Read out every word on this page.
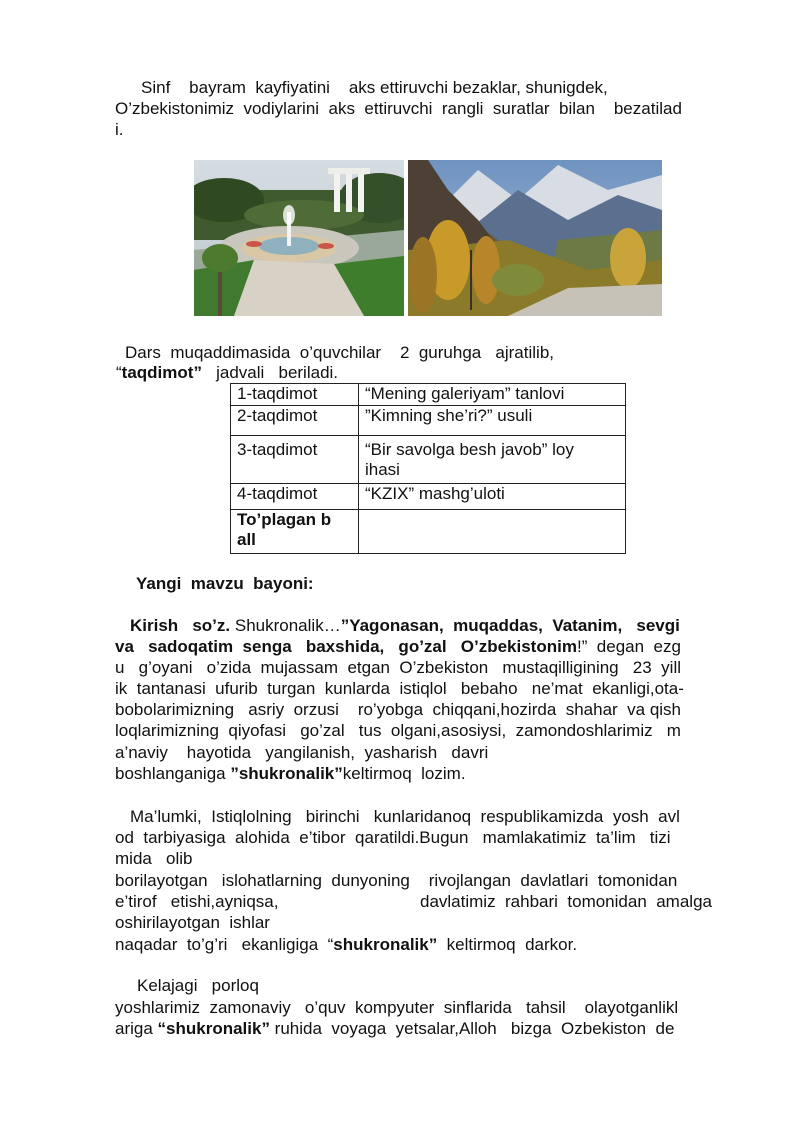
Sinf    bayram  kayfiyatini    aks ettiruvchi bezaklar, shunigdek,
O’zbekistonimiz  vodiylarini  aks  ettiruvchi  rangli  suratlar  bilan    bezatilad
i.
Dars  muqaddimasida  o’quvchilar    2  guruhga   ajratilib,
“taqdimot”   jadvali   beriladi.
1-taqdimot	“Mening galeriyam” tanlovi
2-taqdimot	”Kimning she’ri?” usuli
3-taqdimot	“Bir savolga besh javob” loy
ihasi

4-taqdimot	“KZIX” mashg’uloti

To’plagan b
all	

Yangi  mavzu  bayoni:
Kirish   so’z. Shukronalik…”Yagonasan,  muqaddas,  Vatanim,   sevgi
va   sadoqatim  senga   baxshida,   go’zal   O’zbekistonim!”  degan  ezg
u   g’oyani   o’zida  mujassam  etgan  O’zbekiston   mustaqilligining   23  yill
ik  tantanasi  ufurib  turgan  kunlarda  istiqlol   bebaho   ne’mat  ekanligi,ota-
bobolarimizning   asriy  orzusi    ro’yobga  chiqqani,hozirda  shahar  va qish
loqlarimizning  qiyofasi   go’zal   tus  olgani,asosiysi,  zamondoshlarimiz   m
a’naviy    hayotida   yangilanish,  yasharish   davri
boshlanganiga ”shukronalik”keltirmoq  lozim.
Ma’lumki,  Istiqlolning   birinchi   kunlaridanoq  respublikamizda  yosh  avl
od  tarbiyasiga  alohida  e’tibor  qaratildi.Bugun   mamlakatimiz  ta’lim   tizi
mida   olib
borilayotgan   islohatlarning  dunyoning    rivojlangan  davlatlari  tomonidan
e’tirof   etishi,ayniqsa,	davlatimiz  rahbari  tomonidan  amalga
oshirilayotgan  ishlar
naqadar  to’g’ri   ekanligiga  “shukronalik”  keltirmoq  darkor.
Kelajagi   porloq
yoshlarimiz  zamonaviy   o’quv  kompyuter  sinflarida   tahsil    olayotganlikl
ariga “shukronalik” ruhida  voyaga  yetsalar,Alloh   bizga  Ozbekiston  de
